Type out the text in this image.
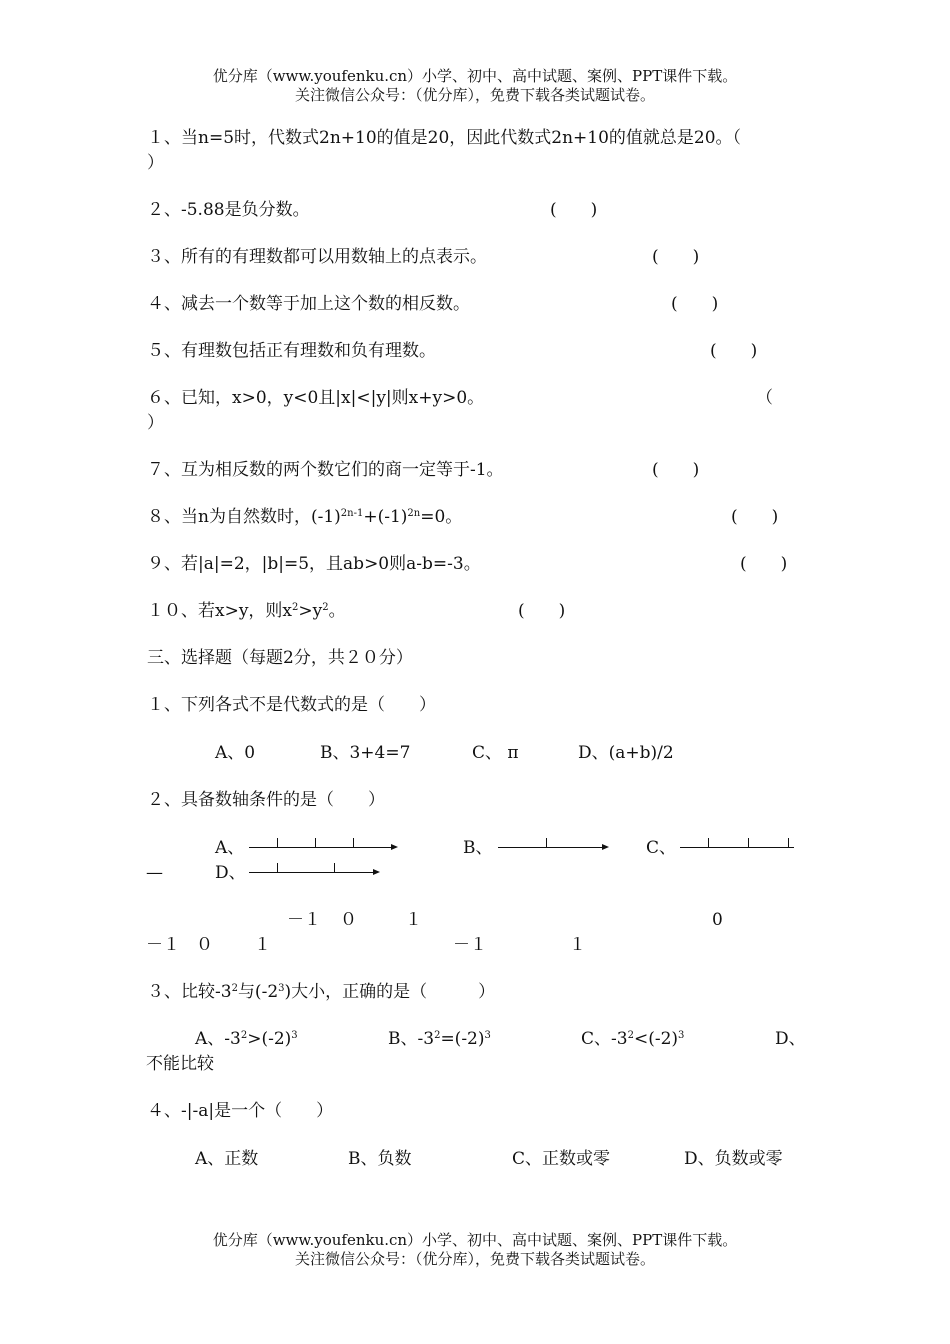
优分库（www.youfenku.cn）小学、初中、高中试题、案例、PPT课件下载。
关注微信公众号：（优分库），免费下载各类试题试卷。
１、当n=5时，代数式2n+10的值是20，因此代数式2n+10的值就总是20。（
）
２、-5.88是负分数。	(　　)
３、所有的有理数都可以用数轴上的点表示。	(　　)
４、减去一个数等于加上这个数的相反数。	(　　)
５、有理数包括正有理数和负有理数。	(　　)
６、已知，x>0，y<0且|x|<|y|则x+y>0。	（
）
７、互为相反数的两个数它们的商一定等于-1。	(　　)
８、当n为自然数时，$(-1)^{2n-1}+(-1)^{2n}=0$。	(　　)
９、若|a|=2，|b|=5，且ab>0则a-b=-3。	(　　)
１０、若x>y，则$x^2>y^2$。	(　　)
三、选择题（每题2分，共２０分）
１、下列各式不是代数式的是（　　）
A、0	B、3+4=7	C、 π	D、(a+b)/2
２、具备数轴条件的是（　　）
A、	B、	C、
—	D、
－１ ０	１	0
－１ ０ １	－１	１
３、比较$-3^2$与$(-2^3)$大小，正确的是（　　　）
A、$-3^2>(-2)^3$	B、$-3^2=(-2)^3$	C、$-3^2<(-2)^3$	D、
不能比较
４、-|-a|是一个（　　）
A、正数	B、负数	C、正数或零	D、负数或零
优分库（www.youfenku.cn）小学、初中、高中试题、案例、PPT课件下载。
关注微信公众号：（优分库），免费下载各类试题试卷。
